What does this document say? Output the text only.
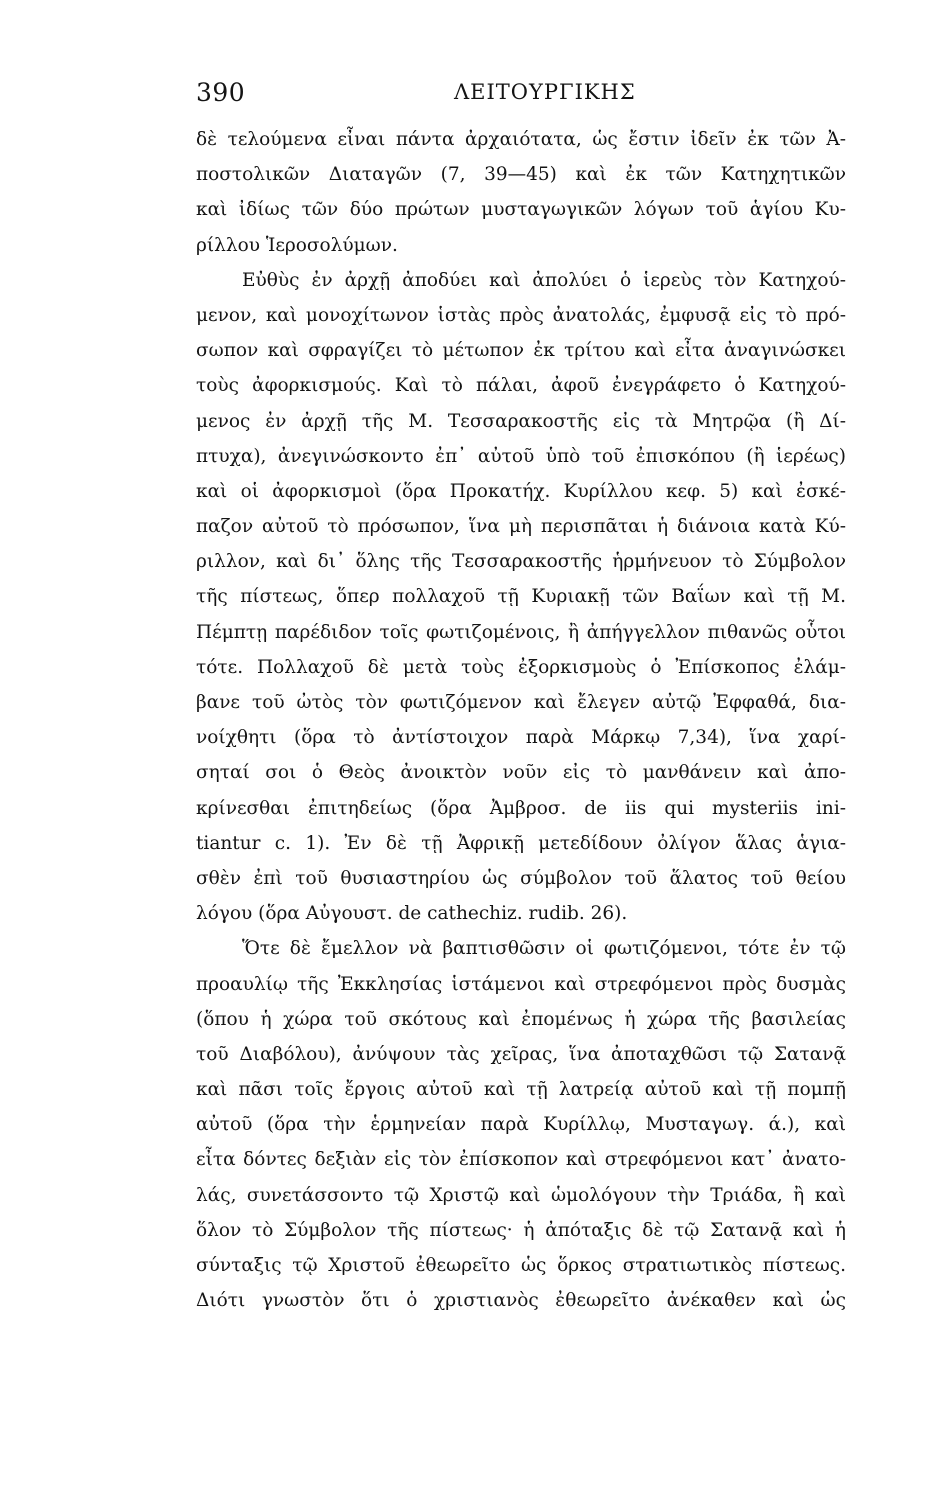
390	ΛΕΙΤΟΥΡΓΙΚΗΣ
δὲ τελούμενα εἶναι πάντα ἀρχαιότατα, ὡς ἔστιν ἰδεῖν ἐκ τῶν Ἀ-
ποστολικῶν Διαταγῶν (7, 39—45) καὶ ἐκ τῶν Κατηχητικῶν
καὶ ἰδίως τῶν δύο πρώτων μυσταγωγικῶν λόγων τοῦ ἁγίου Κυ-
ρίλλου Ἱεροσολύμων.
Εὐθὺς ἐν ἀρχῇ ἀποδύει καὶ ἀπολύει ὁ ἱερεὺς τὸν Κατηχού-
μενον, καὶ μονοχίτωνον ἱστὰς πρὸς ἀνατολάς, ἐμφυσᾷ εἰς τὸ πρό-
σωπον καὶ σφραγίζει τὸ μέτωπον ἐκ τρίτου καὶ εἶτα ἀναγινώσκει
τοὺς ἀφορκισμούς. Καὶ τὸ πάλαι, ἀφοῦ ἐνεγράφετο ὁ Κατηχού-
μενος ἐν ἀρχῇ τῆς Μ. Τεσσαρακοστῆς εἰς τὰ Μητρῷα (ἢ Δί-
πτυχα), ἀνεγινώσκοντο ἐπ᾽ αὐτοῦ ὑπὸ τοῦ ἐπισκόπου (ἢ ἱερέως)
καὶ οἱ ἀφορκισμοὶ (ὅρα Προκατήχ. Κυρίλλου κεφ. 5) καὶ ἐσκέ-
παζον αὐτοῦ τὸ πρόσωπον, ἵνα μὴ περισπᾶται ἡ διάνοια κατὰ Κύ-
ριλλον, καὶ δι᾽ ὅλης τῆς Τεσσαρακοστῆς ἡρμήνευον τὸ Σύμβολον
τῆς πίστεως, ὅπερ πολλαχοῦ τῇ Κυριακῇ τῶν Βαΐων καὶ τῇ Μ.
Πέμπτῃ παρέδιδον τοῖς φωτιζομένοις, ἢ ἀπήγγελλον πιθανῶς οὗτοι
τότε. Πολλαχοῦ δὲ μετὰ τοὺς ἐξορκισμοὺς ὁ Ἐπίσκοπος ἐλάμ-
βανε τοῦ ὠτὸς τὸν φωτιζόμενον καὶ ἔλεγεν αὐτῷ Ἐφφαθά, δια-
νοίχθητι (ὅρα τὸ ἀντίστοιχον παρὰ Μάρκῳ 7,34), ἵνα χαρί-
σηταί σοι ὁ Θεὸς ἀνοικτὸν νοῦν εἰς τὸ μανθάνειν καὶ ἀπο-
κρίνεσθαι ἐπιτηδείως (ὅρα Ἀμβροσ. de iis qui mysteriis ini-
tiantur c. 1). Ἐν δὲ τῇ Ἀφρικῇ μετεδίδουν ὀλίγον ἅλας ἁγια-
σθὲν ἐπὶ τοῦ θυσιαστηρίου ὡς σύμβολον τοῦ ἅλατος τοῦ θείου
λόγου (ὅρα Αὐγουστ. de cathechiz. rudib. 26).
Ὅτε δὲ ἔμελλον νὰ βαπτισθῶσιν οἱ φωτιζόμενοι, τότε ἐν τῷ
προαυλίῳ τῆς Ἐκκλησίας ἱστάμενοι καὶ στρεφόμενοι πρὸς δυσμὰς
(ὅπου ἡ χώρα τοῦ σκότους καὶ ἐπομένως ἡ χώρα τῆς βασιλείας
τοῦ Διαβόλου), ἀνύψουν τὰς χεῖρας, ἵνα ἀποταχθῶσι τῷ Σατανᾷ
καὶ πᾶσι τοῖς ἔργοις αὐτοῦ καὶ τῇ λατρείᾳ αὐτοῦ καὶ τῇ πομπῇ
αὐτοῦ (ὅρα τὴν ἑρμηνείαν παρὰ Κυρίλλῳ, Μυσταγωγ. ά.), καὶ
εἶτα δόντες δεξιὰν εἰς τὸν ἐπίσκοπον καὶ στρεφόμενοι κατ᾽ ἀνατο-
λάς, συνετάσσοντο τῷ Χριστῷ καὶ ὡμολόγουν τὴν Τριάδα, ἢ καὶ
ὅλον τὸ Σύμβολον τῆς πίστεως· ἡ ἀπόταξις δὲ τῷ Σατανᾷ καὶ ἡ
σύνταξις τῷ Χριστοῦ ἐθεωρεῖτο ὡς ὅρκος στρατιωτικὸς πίστεως.
Διότι γνωστὸν ὅτι ὁ χριστιανὸς ἐθεωρεῖτο ἀνέκαθεν καὶ ὡς
